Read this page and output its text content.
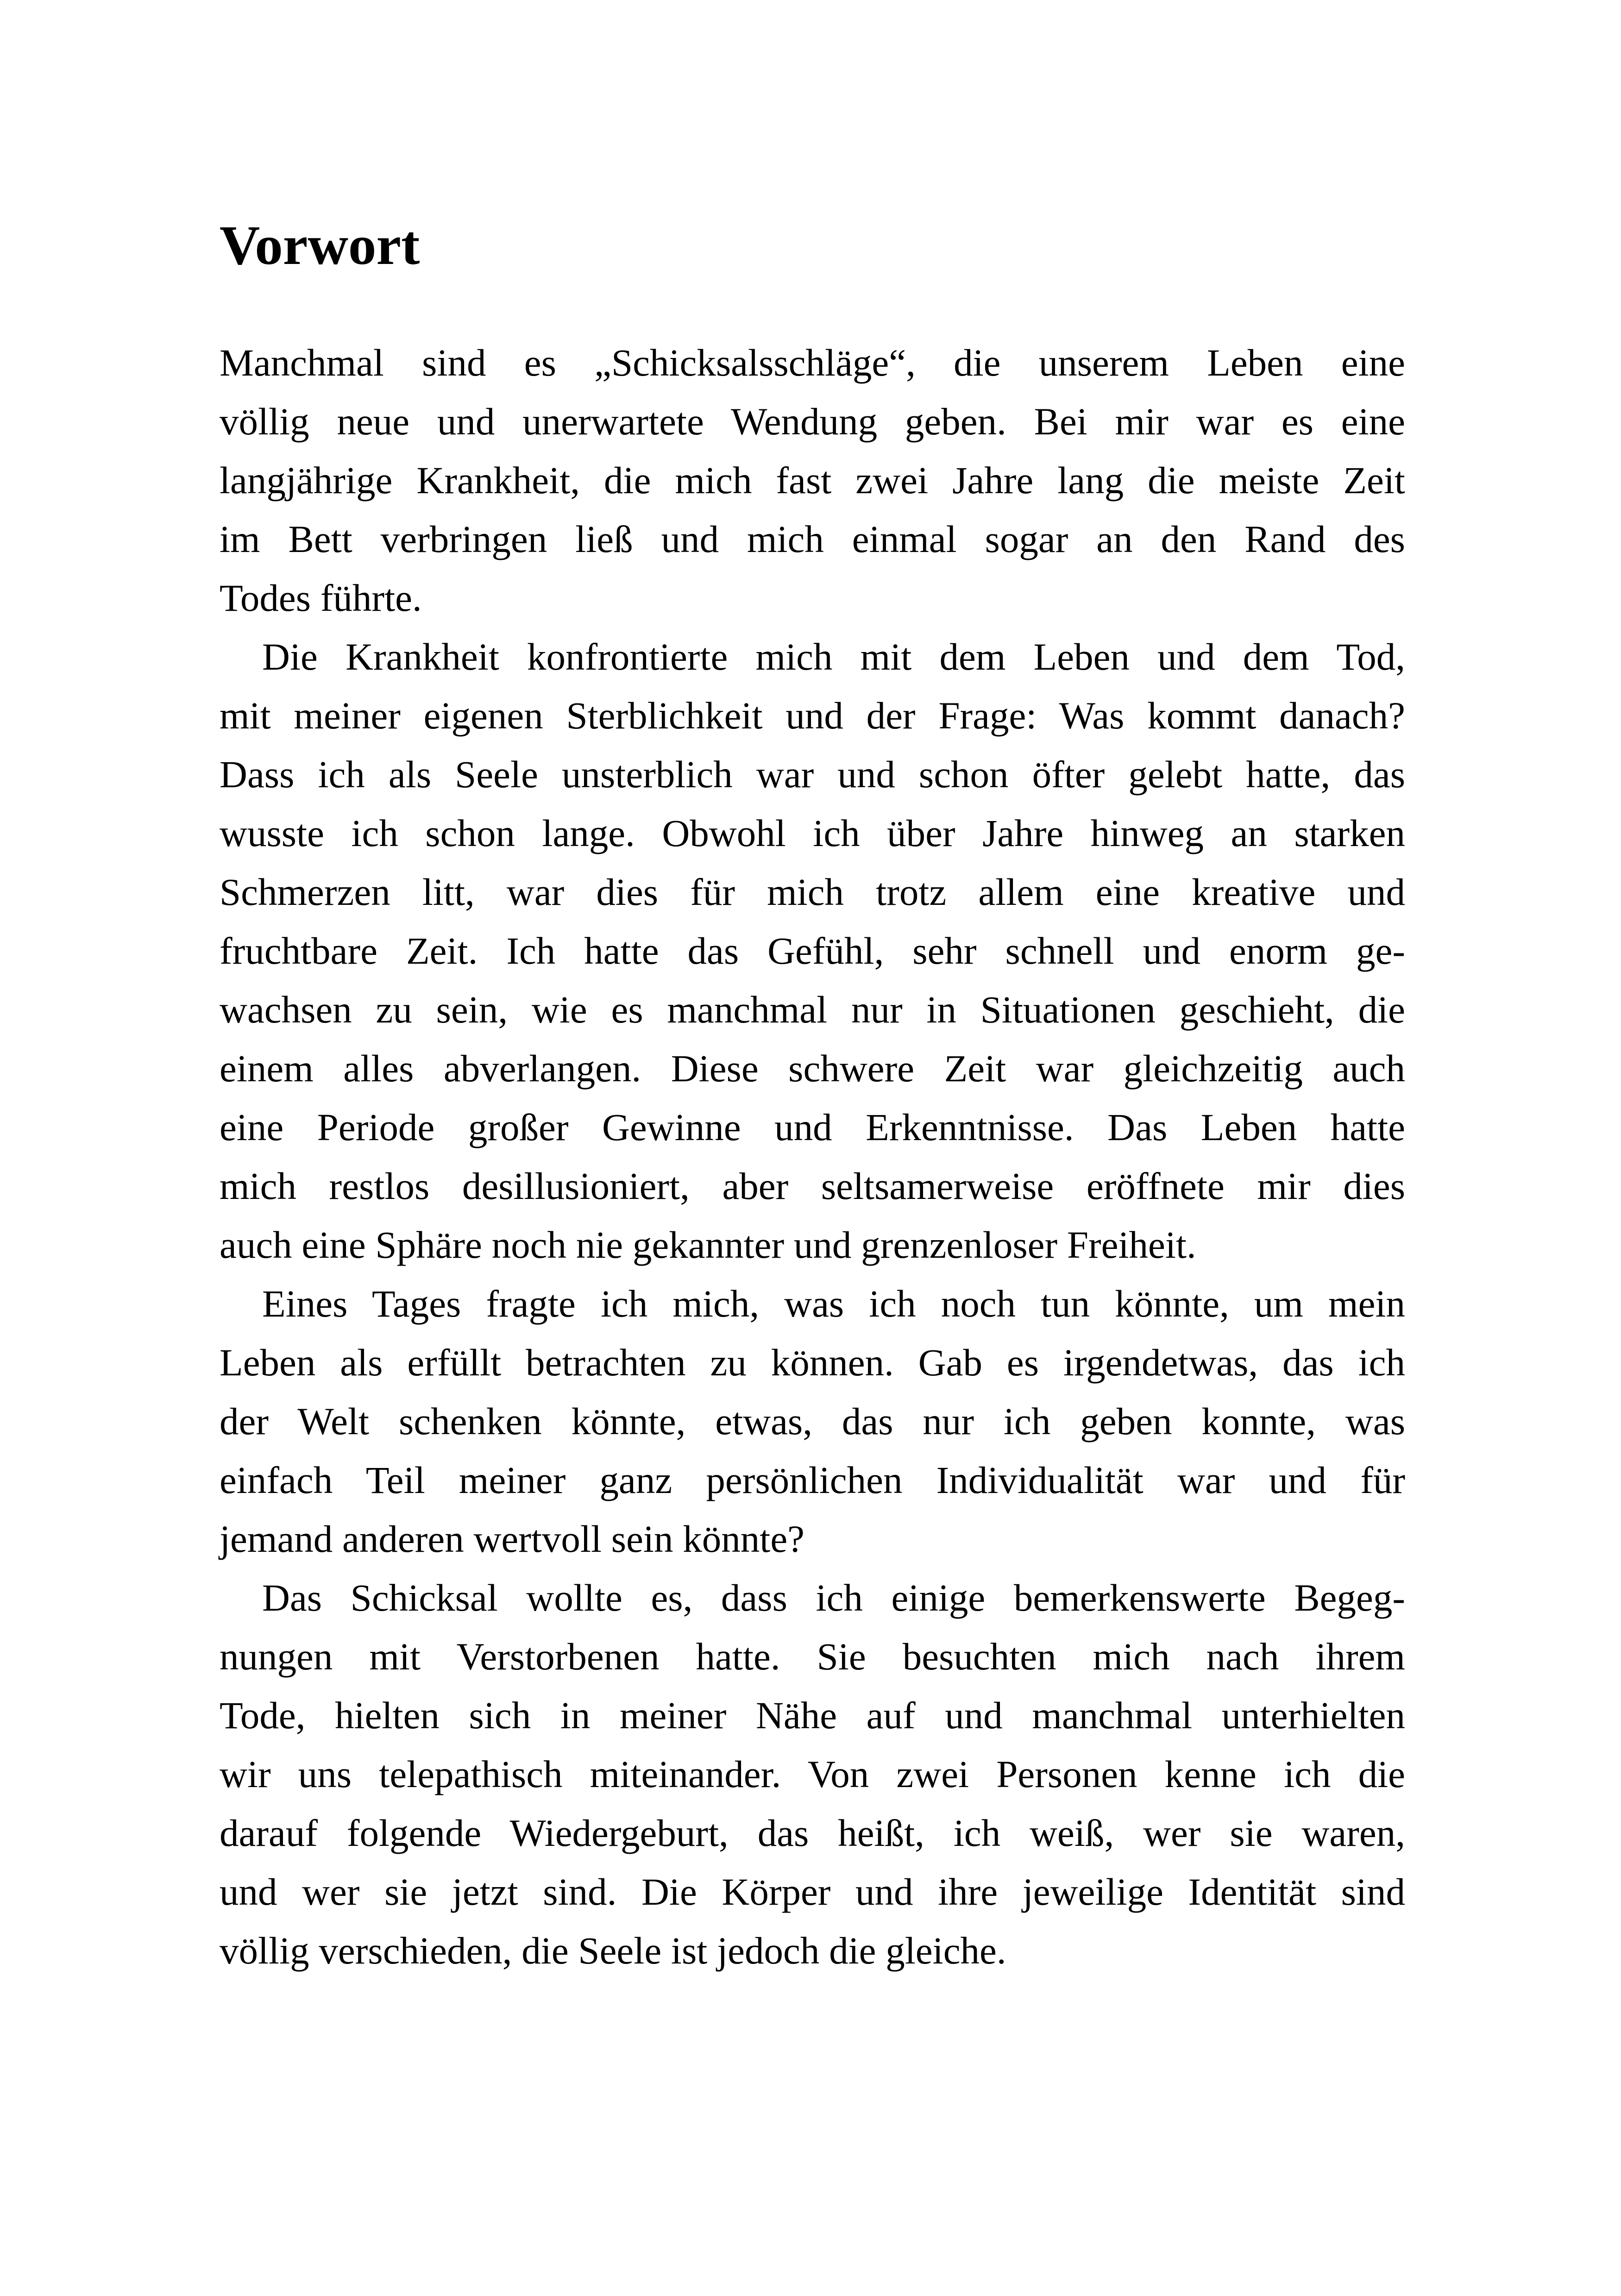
Vorwort
Manchmal sind es „Schicksalsschläge“, die unserem Leben eine
völlig neue und unerwartete Wendung geben. Bei mir war es eine
langjährige Krankheit, die mich fast zwei Jahre lang die meiste Zeit
im Bett verbringen ließ und mich einmal sogar an den Rand des
Todes führte.
Die Krankheit konfrontierte mich mit dem Leben und dem Tod,
mit meiner eigenen Sterblichkeit und der Frage: Was kommt danach?
Dass ich als Seele unsterblich war und schon öfter gelebt hatte, das
wusste ich schon lange. Obwohl ich über Jahre hinweg an starken
Schmerzen litt, war dies für mich trotz allem eine kreative und
fruchtbare Zeit. Ich hatte das Gefühl, sehr schnell und enorm ge-
wachsen zu sein, wie es manchmal nur in Situationen geschieht, die
einem alles abverlangen. Diese schwere Zeit war gleichzeitig auch
eine Periode großer Gewinne und Erkenntnisse. Das Leben hatte
mich restlos desillusioniert, aber seltsamerweise eröffnete mir dies
auch eine Sphäre noch nie gekannter und grenzenloser Freiheit.
Eines Tages fragte ich mich, was ich noch tun könnte, um mein
Leben als erfüllt betrachten zu können. Gab es irgendetwas, das ich
der Welt schenken könnte, etwas, das nur ich geben konnte, was
einfach Teil meiner ganz persönlichen Individualität war und für
jemand anderen wertvoll sein könnte?
Das Schicksal wollte es, dass ich einige bemerkenswerte Begeg-
nungen mit Verstorbenen hatte. Sie besuchten mich nach ihrem
Tode, hielten sich in meiner Nähe auf und manchmal unterhielten
wir uns telepathisch miteinander. Von zwei Personen kenne ich die
darauf folgende Wiedergeburt, das heißt, ich weiß, wer sie waren,
und wer sie jetzt sind. Die Körper und ihre jeweilige Identität sind
völlig verschieden, die Seele ist jedoch die gleiche.
